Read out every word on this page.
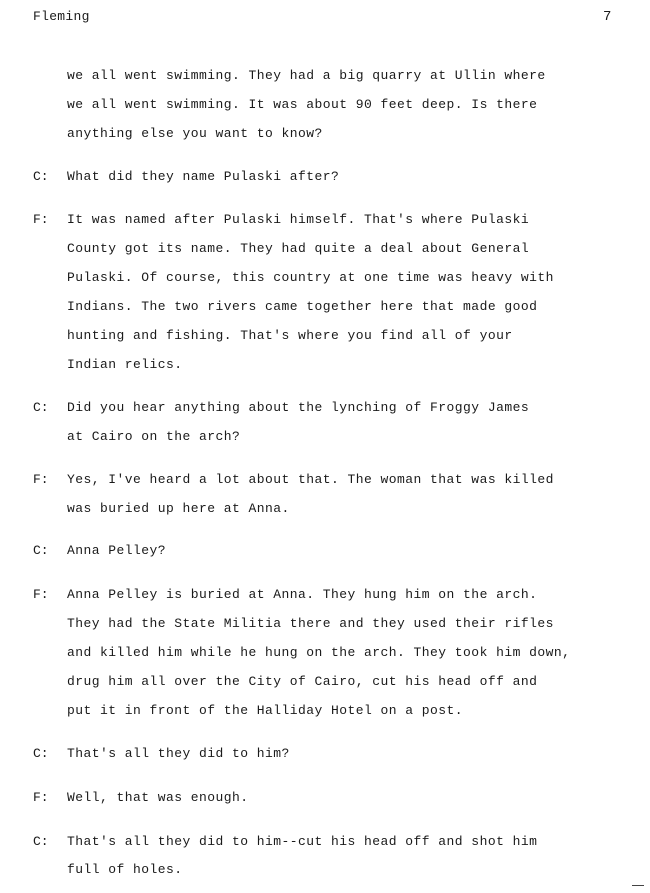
Fleming	7
we all went swimming. They had a big quarry at Ullin where
we all went swimming. It was about 90 feet deep. Is there
anything else you want to know?
C:	What did they name Pulaski after?
F:	It was named after Pulaski himself. That's where Pulaski
County got its name. They had quite a deal about General
Pulaski. Of course, this country at one time was heavy with
Indians. The two rivers came together here that made good
hunting and fishing. That's where you find all of your
Indian relics.
C:	Did you hear anything about the lynching of Froggy James
at Cairo on the arch?
F:	Yes, I've heard a lot about that. The woman that was killed
was buried up here at Anna.
C:	Anna Pelley?
F:	Anna Pelley is buried at Anna. They hung him on the arch.
They had the State Militia there and they used their rifles
and killed him while he hung on the arch. They took him down,
drug him all over the City of Cairo, cut his head off and
put it in front of the Halliday Hotel on a post.
C:	That's all they did to him?
F:	Well, that was enough.
C:	That's all they did to him--cut his head off and shot him
full of holes.
